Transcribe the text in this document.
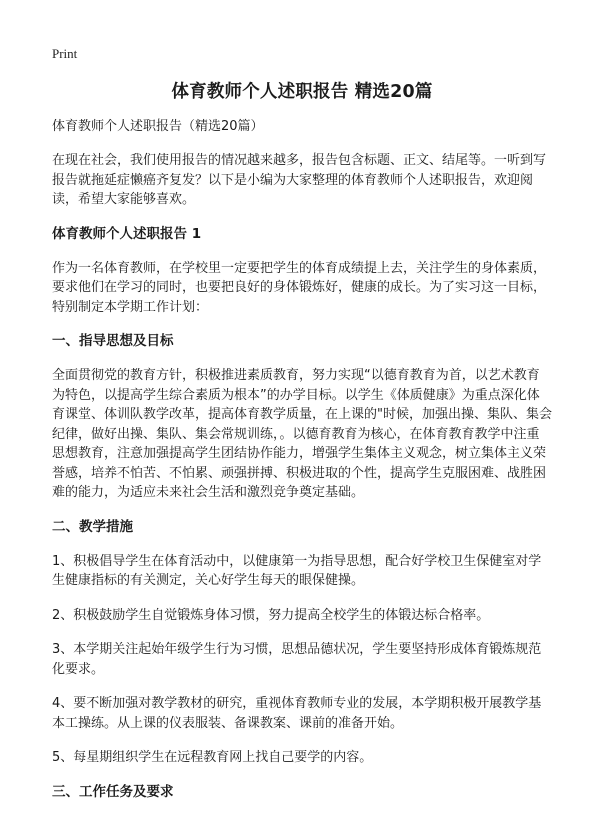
Print
体育教师个人述职报告 精选20篇
体育教师个人述职报告（精选20篇）
在现在社会，我们使用报告的情况越来越多，报告包含标题、正文、结尾等。一听到写报告就拖延症懒癌齐复发？以下是小编为大家整理的体育教师个人述职报告，欢迎阅读，希望大家能够喜欢。
体育教师个人述职报告 1
作为一名体育教师，在学校里一定要把学生的体育成绩提上去，关注学生的身体素质，要求他们在学习的同时，也要把良好的身体锻炼好，健康的成长。为了实习这一目标，特别制定本学期工作计划：
一、指导思想及目标
全面贯彻党的教育方针，积极推进素质教育，努力实现“以德育教育为首，以艺术教育为特色，以提高学生综合素质为根本”的办学目标。以学生《体质健康》为重点深化体育课堂、体训队教学改革，提高体育教学质量，在上课的"时候，加强出操、集队、集会纪律，做好出操、集队、集会常规训练，。以德育教育为核心，在体育教育教学中注重思想教育，注意加强提高学生团结协作能力，增强学生集体主义观念，树立集体主义荣誉感，培养不怕苦、不怕累、顽强拼搏、积极进取的个性，提高学生克服困难、战胜困难的能力，为适应未来社会生活和激烈竞争奠定基础。
二、教学措施
1、积极倡导学生在体育活动中，以健康第一为指导思想，配合好学校卫生保健室对学生健康指标的有关测定，关心好学生每天的眼保健操。
2、积极鼓励学生自觉锻炼身体习惯，努力提高全校学生的体锻达标合格率。
3、本学期关注起始年级学生行为习惯，思想品德状况，学生要坚持形成体育锻炼规范化要求。
4、要不断加强对教学教材的研究，重视体育教师专业的发展，本学期积极开展教学基本工操练。从上课的仪表服装、备课教案、课前的准备开始。
5、每星期组织学生在远程教育网上找自己要学的内容。
三、工作任务及要求
